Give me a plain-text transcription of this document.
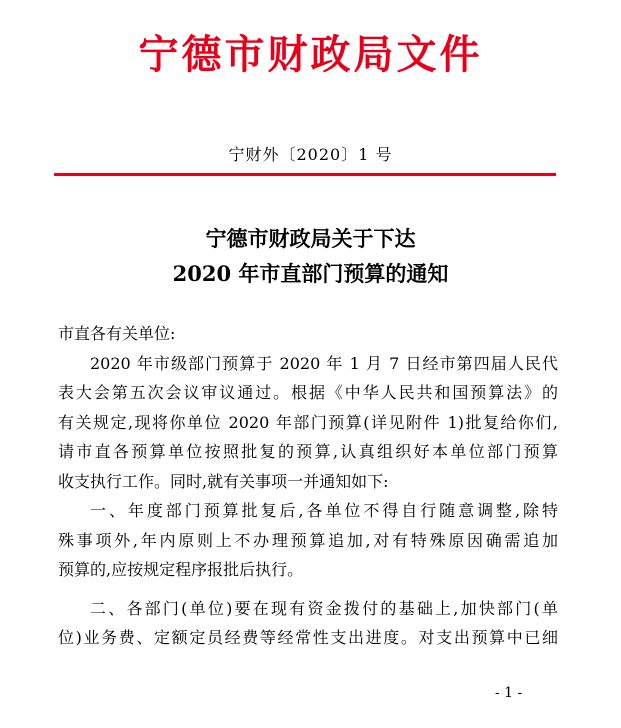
宁德市财政局文件
宁财外〔2020〕1 号
宁德市财政局关于下达
2020 年市直部门预算的通知
市直各有关单位:
2020 年市级部门预算于 2020 年 1 月 7 日经市第四届人民代
表大会第五次会议审议通过。根据《中华人民共和国预算法》的
有关规定,现将你单位 2020 年部门预算(详见附件 1)批复给你们,
请市直各预算单位按照批复的预算,认真组织好本单位部门预算
收支执行工作。同时,就有关事项一并通知如下:
一、年度部门预算批复后,各单位不得自行随意调整,除特
殊事项外,年内原则上不办理预算追加,对有特殊原因确需追加
预算的,应按规定程序报批后执行。
二、各部门(单位)要在现有资金拨付的基础上,加快部门(单
位)业务费、定额定员经费等经常性支出进度。对支出预算中已细
- 1 -
